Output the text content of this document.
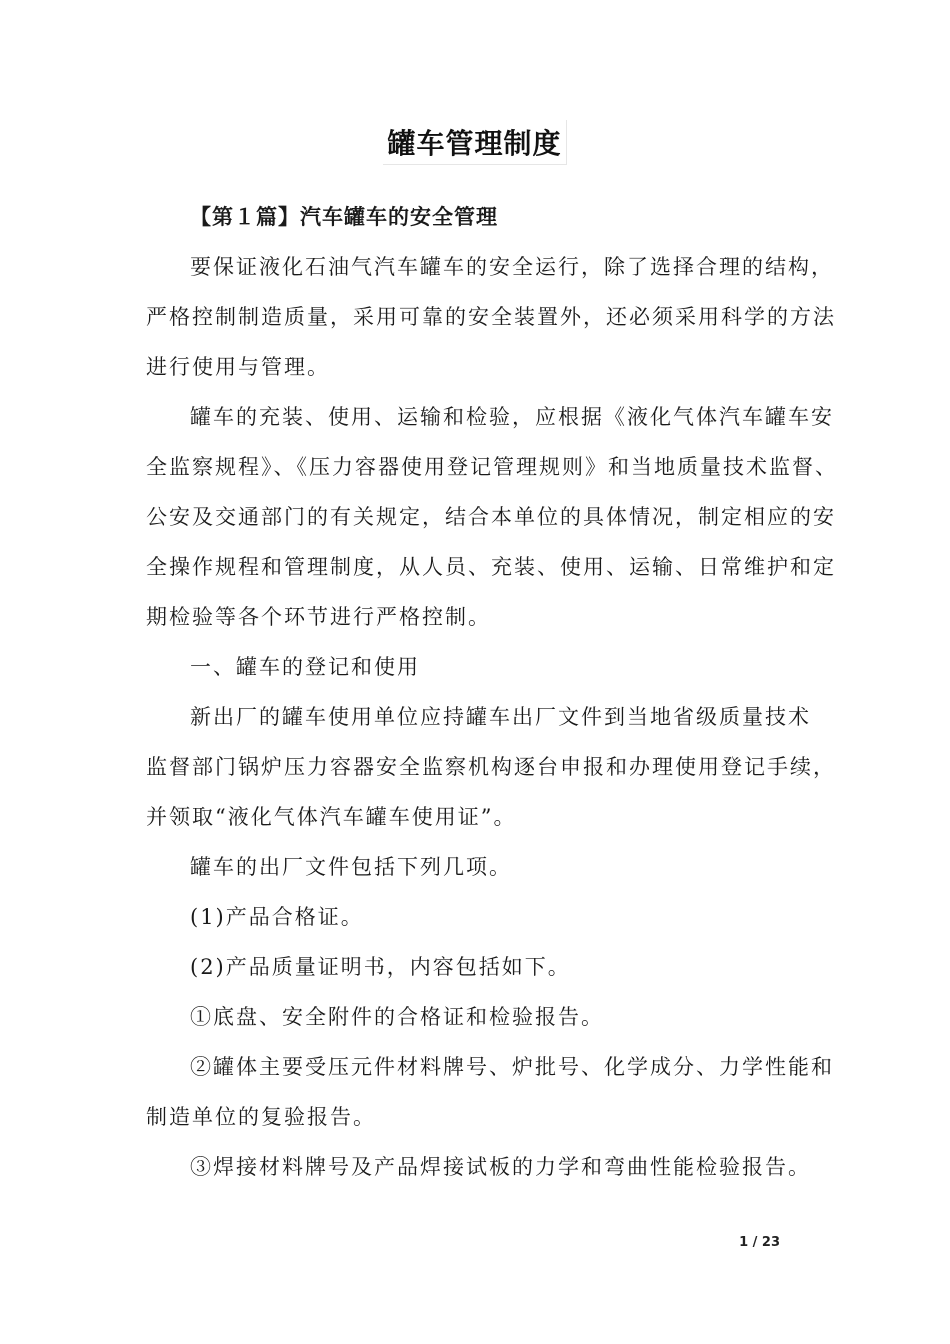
罐车管理制度
【第１篇】汽车罐车的安全管理
要保证液化石油气汽车罐车的安全运行，除了选择合理的结构，
严格控制制造质量，采用可靠的安全装置外，还必须采用科学的方法
进行使用与管理。
罐车的充装、使用、运输和检验，应根据《液化气体汽车罐车安
全监察规程》、《压力容器使用登记管理规则》和当地质量技术监督、
公安及交通部门的有关规定，结合本单位的具体情况，制定相应的安
全操作规程和管理制度，从人员、充装、使用、运输、日常维护和定
期检验等各个环节进行严格控制。
一、罐车的登记和使用
新出厂的罐车使用单位应持罐车出厂文件到当地省级质量技术
监督部门锅炉压力容器安全监察机构逐台申报和办理使用登记手续，
并领取“液化气体汽车罐车使用证”。
罐车的出厂文件包括下列几项。
(1)产品合格证。
(2)产品质量证明书，内容包括如下。
①底盘、安全附件的合格证和检验报告。
②罐体主要受压元件材料牌号、炉批号、化学成分、力学性能和
制造单位的复验报告。
③焊接材料牌号及产品焊接试板的力学和弯曲性能检验报告。
1 / 23
